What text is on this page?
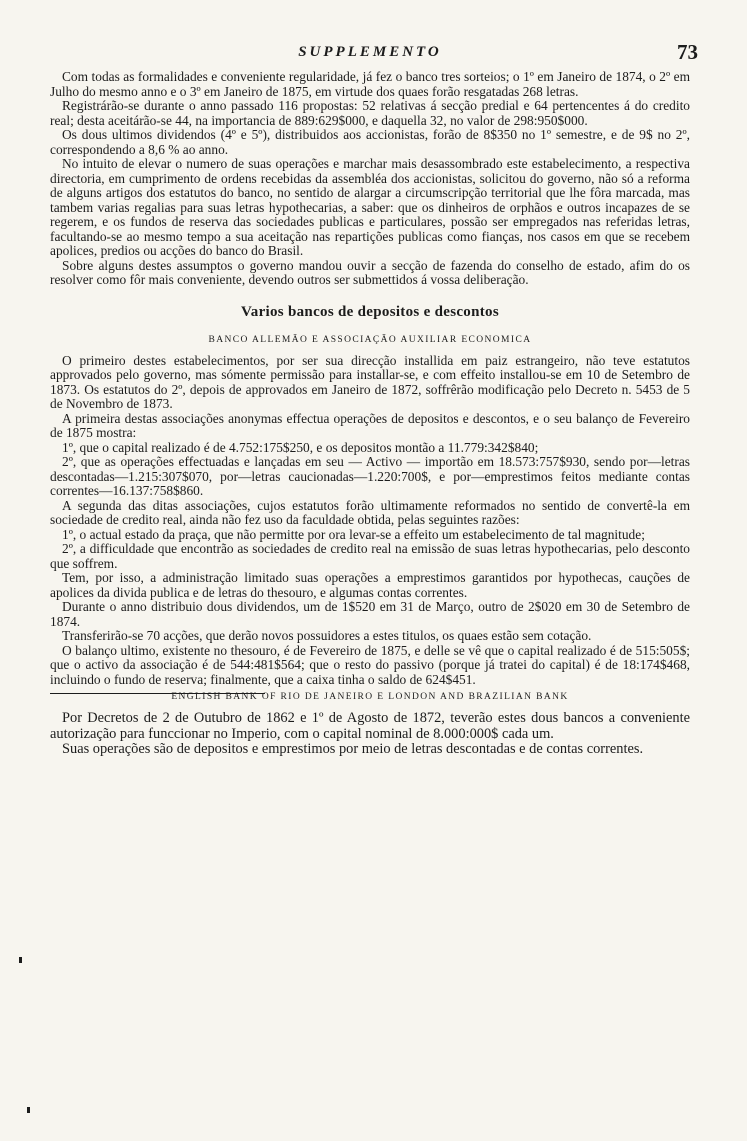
SUPPLEMENTO	73

Com todas as formalidades e conveniente regularidade, já fez o banco tres sorteios; o 1º em Janeiro de 1874, o 2º em Julho do mesmo anno e o 3º em Janeiro de 1875, em virtude dos quaes forão resgatadas 268 letras.

Registrárão-se durante o anno passado 116 propostas: 52 relativas á secção predial e 64 pertencentes á do credito real; desta aceitárão-se 44, na importancia de 889:629$000, e daquella 32, no valor de 298:950$000.

Os dous ultimos dividendos (4º e 5º), distribuidos aos accionistas, forão de 8$350 no 1º semestre, e de 9$ no 2º, correspondendo a 8,6 % ao anno.

No intuito de elevar o numero de suas operações e marchar mais desassombrado este estabelecimento, a respectiva directoria, em cumprimento de ordens recebidas da assembléa dos accionistas, solicitou do governo, não só a reforma de alguns artigos dos estatutos do banco, no sentido de alargar a circumscripção territorial que lhe fôra marcada, mas tambem varias regalias para suas letras hypothecarias, a saber: que os dinheiros de orphãos e outros incapazes de se regerem, e os fundos de reserva das sociedades publicas e particulares, possão ser empregados nas referidas letras, facultando-se ao mesmo tempo a sua aceitação nas repartições publicas como fianças, nos casos em que se recebem apolices, predios ou acções do banco do Brasil.

Sobre alguns destes assumptos o governo mandou ouvir a secção de fazenda do conselho de estado, afim do os resolver como fôr mais conveniente, devendo outros ser submettidos á vossa deliberação.

Varios bancos de depositos e descontos
BANCO ALLEMÃO E ASSOCIAÇÃO AUXILIAR ECONOMICA

O primeiro destes estabelecimentos, por ser sua direcção installida em paiz estrangeiro, não teve estatutos approvados pelo governo, mas sómente permissão para installar-se, e com effeito installou-se em 10 de Setembro de 1873. Os estatutos do 2º, depois de approvados em Janeiro de 1872, soffrêrão modificação pelo Decreto n. 5453 de 5 de Novembro de 1873.

A primeira destas associações anonymas effectua operações de depositos e descontos, e o seu balanço de Fevereiro de 1875 mostra:

1º, que o capital realizado é de 4.752:175$250, e os depositos montão a 11.779:342$840;

2º, que as operações effectuadas e lançadas em seu — Activo — importão em 18.573:757$930, sendo por—letras descontadas—1.215:307$070, por—letras caucionadas—1.220:700$, e por—emprestimos feitos mediante contas correntes—16.137:758$860.

A segunda das ditas associações, cujos estatutos forão ultimamente reformados no sentido de convertê-la em sociedade de credito real, ainda não fez uso da faculdade obtida, pelas seguintes razões:

1º, o actual estado da praça, que não permitte por ora levar-se a effeito um estabelecimento de tal magnitude;

2º, a difficuldade que encontrão as sociedades de credito real na emissão de suas letras hypothecarias, pelo desconto que soffrem.

Tem, por isso, a administração limitado suas operações a emprestimos garantidos por hypothecas, cauções de apolices da divida publica e de letras do thesouro, e algumas contas correntes.

Durante o anno distribuio dous dividendos, um de 1$520 em 31 de Março, outro de 2$020 em 30 de Setembro de 1874.

Transferirão-se 70 acções, que derão novos possuidores a estes titulos, os quaes estão sem cotação.

O balanço ultimo, existente no thesouro, é de Fevereiro de 1875, e delle se vê que o capital realizado é de 515:505$; que o activo da associação é de 544:481$564; que o resto do passivo (porque já tratei do capital) é de 18:174$468, incluindo o fundo de reserva; finalmente, que a caixa tinha o saldo de 624$451.

ENGLISH BANK OF RIO DE JANEIRO E LONDON AND BRAZILIAN BANK

Por Decretos de 2 de Outubro de 1862 e 1º de Agosto de 1872, teverão estes dous bancos a conveniente autorização para funccionar no Imperio, com o capital nominal de 8.000:000$ cada um.

Suas operações são de depositos e emprestimos por meio de letras descontadas e de contas correntes.
